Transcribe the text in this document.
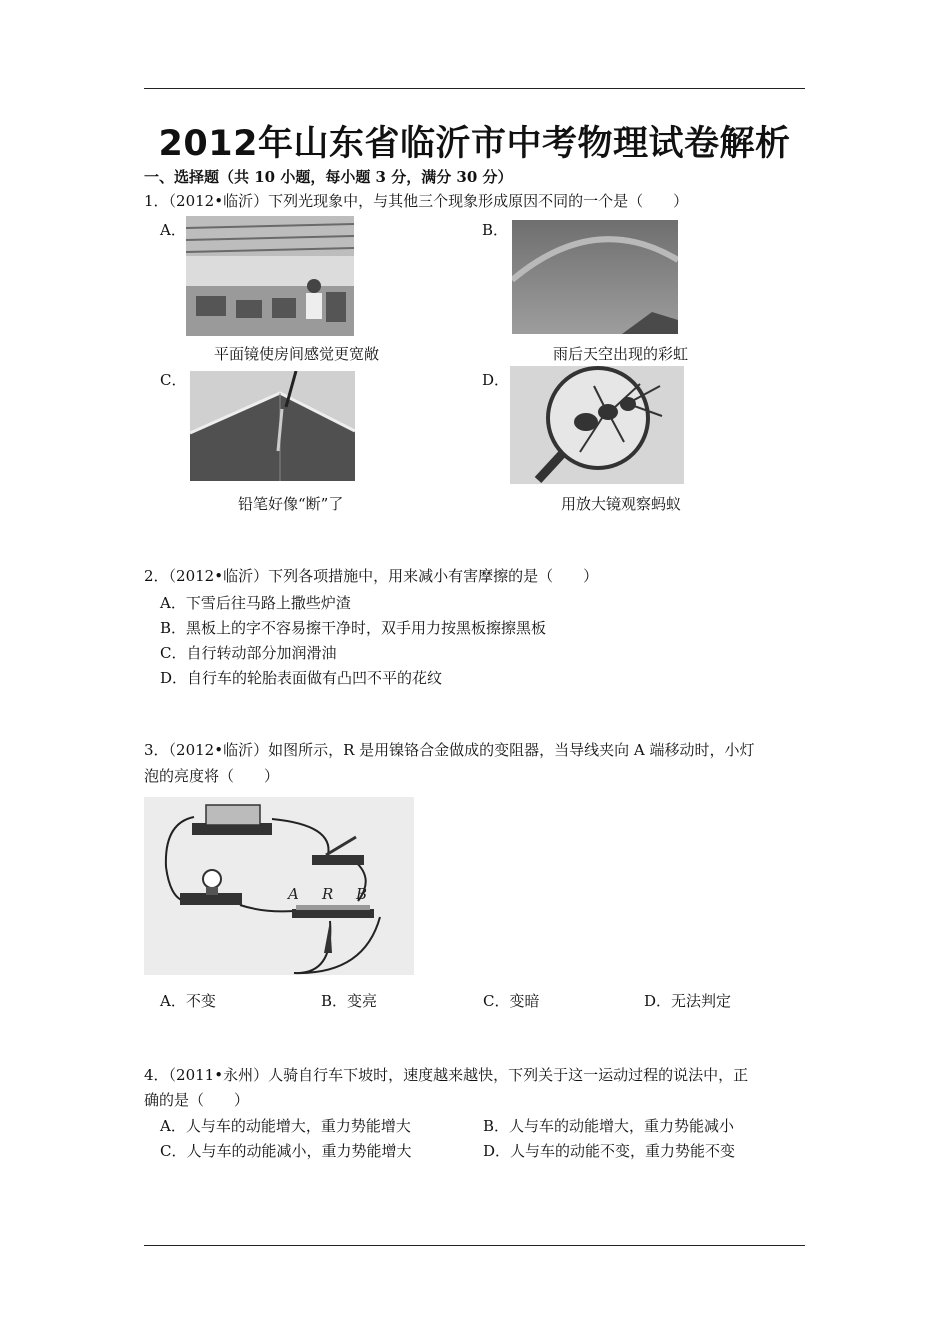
2012年山东省临沂市中考物理试卷解析
一、选择题（共 10 小题，每小题 3 分，满分 30 分）
1．（2012•临沂）下列光现象中，与其他三个现象形成原因不同的一个是（　　）
A．
平面镜使房间感觉更宽敞
B．
雨后天空出现的彩虹
C．
铅笔好像“断”了
D．
用放大镜观察蚂蚁
2．（2012•临沂）下列各项措施中，用来减小有害摩擦的是（　　）
A．下雪后往马路上撒些炉渣
B．黑板上的字不容易擦干净时，双手用力按黑板擦擦黑板
C．自行转动部分加润滑油
D．自行车的轮胎表面做有凸凹不平的花纹
3．（2012•临沂）如图所示，R 是用镍铬合金做成的变阻器，当导线夹向 A 端移动时，小灯
泡的亮度将（　　）
A R B
A．不变	B．变亮	C．变暗	D．无法判定
4．（2011•永州）人骑自行车下坡时，速度越来越快，下列关于这一运动过程的说法中，正
确的是（　　）
A．人与车的动能增大，重力势能增大	B．人与车的动能增大，重力势能减小
C．人与车的动能减小，重力势能增大	D．人与车的动能不变，重力势能不变
